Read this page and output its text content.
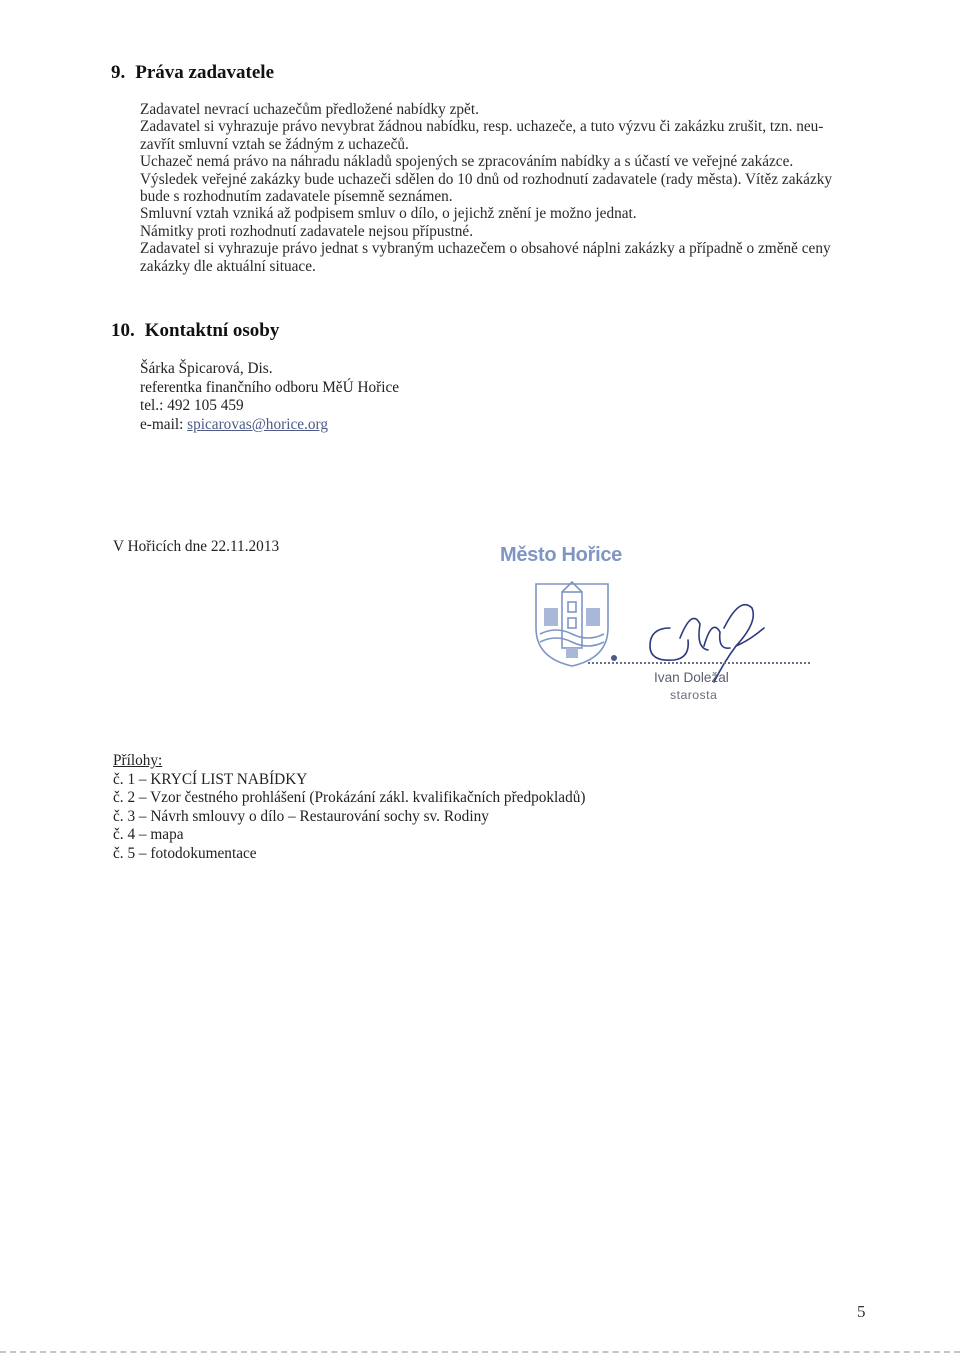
9. Práva zadavatele
Zadavatel nevrací uchazečům předložené nabídky zpět.
Zadavatel si vyhrazuje právo nevybrat žádnou nabídku, resp. uchazeče, a tuto výzvu či zakázku zrušit, tzn. neu-
zavřít smluvní vztah se žádným z uchazečů.
Uchazeč nemá právo na náhradu nákladů spojených se zpracováním nabídky a s účastí ve veřejné zakázce.
Výsledek veřejné zakázky bude uchazeči sdělen do 10 dnů od rozhodnutí zadavatele (rady města). Vítěz zakázky
bude s rozhodnutím zadavatele písemně seznámen.
Smluvní vztah vzniká až podpisem smluv o dílo, o jejichž znění je možno jednat.
Námitky proti rozhodnutí zadavatele nejsou přípustné.
Zadavatel si vyhrazuje právo jednat s vybraným uchazečem o obsahové náplni zakázky a případně o změně ceny
zakázky dle aktuální situace.
10. Kontaktní osoby
Šárka Špicarová, Dis.
referentka finančního odboru MěÚ Hořice
tel.: 492 105 459
e-mail: spicarovas@horice.org
V Hořicích dne 22.11.2013	Město Hořice
Ivan Doležal
starosta
Přílohy:
č. 1 – KRYCÍ LIST NABÍDKY
č. 2 – Vzor čestného prohlášení (Prokázání zákl. kvalifikačních předpokladů)
č. 3 – Návrh smlouvy o dílo – Restaurování sochy sv. Rodiny
č. 4 – mapa
č. 5 – fotodokumentace
5
